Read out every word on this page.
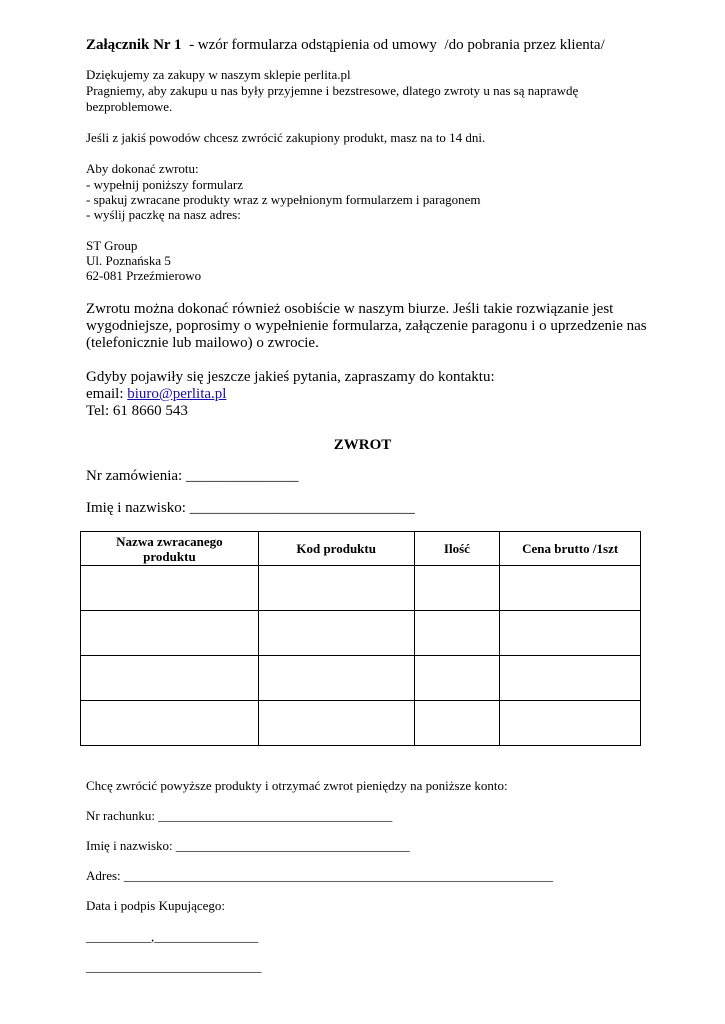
Załącznik Nr 1  - wzór formularza odstąpienia od umowy  /do pobrania przez klienta/
Dziękujemy za zakupy w naszym sklepie perlita.pl
Pragniemy, aby zakupu u nas były przyjemne i bezstresowe, dlatego zwroty u nas są naprawdę
bezproblemowe.
Jeśli z jakiś powodów chcesz zwrócić zakupiony produkt, masz na to 14 dni.
Aby dokonać zwrotu:
- wypełnij poniższy formularz
- spakuj zwracane produkty wraz z wypełnionym formularzem i paragonem
- wyślij paczkę na nasz adres:
ST Group
Ul. Poznańska 5
62-081 Przeźmierowo
Zwrotu można dokonać również osobiście w naszym biurze. Jeśli takie rozwiązanie jest
wygodniejsze, poprosimy o wypełnienie formularza, załączenie paragonu i o uprzedzenie nas
(telefonicznie lub mailowo) o zwrocie.
Gdyby pojawiły się jeszcze jakieś pytania, zapraszamy do kontaktu:
email: biuro@perlita.pl
Tel: 61 8660 543
ZWROT
Nr zamówienia: _______________
Imię i nazwisko: ______________________________
Nazwa zwracanego produktu	Kod produktu	Ilość	Cena brutto /1szt

Chcę zwrócić powyższe produkty i otrzymać zwrot pieniędzy na poniższe konto:
Nr rachunku: ____________________________________
Imię i nazwisko: ____________________________________
Adres: __________________________________________________________________
Data i podpis Kupującego:
__________,________________
___________________________
